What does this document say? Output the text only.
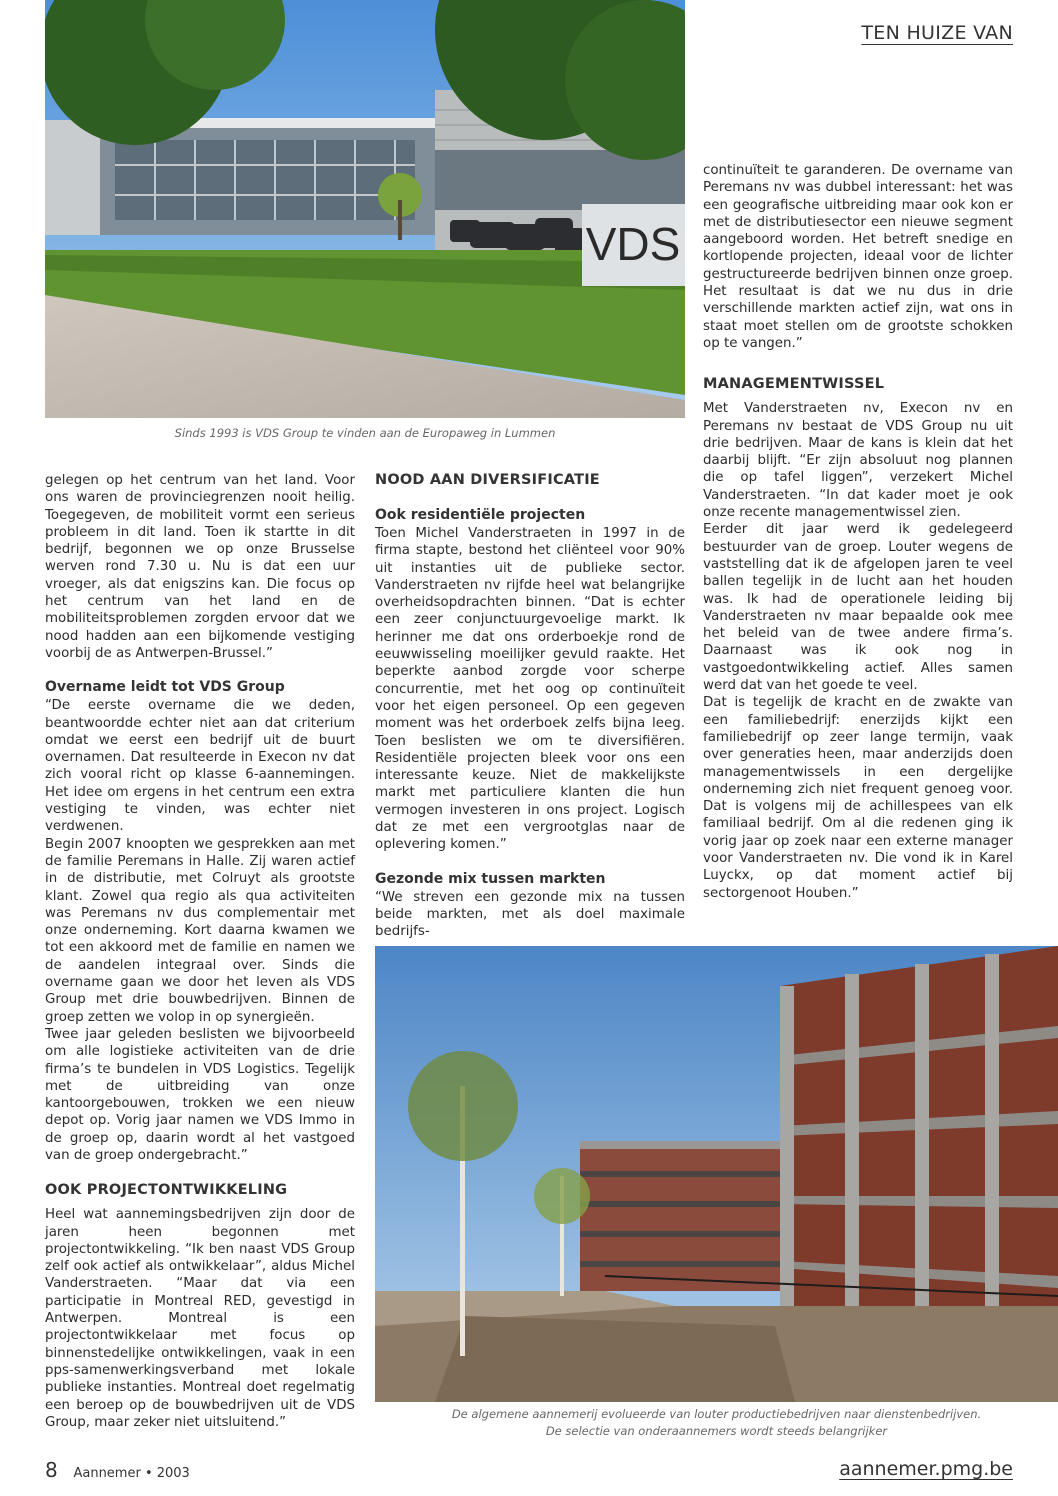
TEN HUIZE VAN
VDS
Sinds 1993 is VDS Group te vinden aan de Europaweg in Lummen

gelegen op het centrum van het land. Voor ons waren de provinciegrenzen nooit heilig. Toegegeven, de mobiliteit vormt een serieus probleem in dit land. Toen ik startte in dit bedrijf, begonnen we op onze Brusselse werven rond 7.30 u. Nu is dat een uur vroeger, als dat enigszins kan. Die focus op het centrum van het land en de mobiliteitsproblemen zorgden ervoor dat we nood hadden aan een bijkomende vestiging voorbij de as Antwerpen-Brussel.”

Overname leidt tot VDS Group

“De eerste overname die we deden, beantwoordde echter niet aan dat criterium omdat we eerst een bedrijf uit de buurt overnamen. Dat resulteerde in Execon nv dat zich vooral richt op klasse 6-aannemingen. Het idee om ergens in het centrum een extra vestiging te vinden, was echter niet verdwenen.

Begin 2007 knoopten we gesprekken aan met de familie Peremans in Halle. Zij waren actief in de distributie, met Colruyt als grootste klant. Zowel qua regio als qua activiteiten was Peremans nv dus complementair met onze onderneming. Kort daarna kwamen we tot een akkoord met de familie en namen we de aandelen integraal over. Sinds die overname gaan we door het leven als VDS Group met drie bouwbedrijven. Binnen de groep zetten we volop in op synergieën.

Twee jaar geleden beslisten we bijvoorbeeld om alle logistieke activiteiten van de drie firma’s te bundelen in VDS Logistics. Tegelijk met de uitbreiding van onze kantoorgebouwen, trokken we een nieuw depot op. Vorig jaar namen we VDS Immo in de groep op, daarin wordt al het vastgoed van de groep ondergebracht.”

OOK PROJECTONTWIKKELING

Heel wat aannemingsbedrijven zijn door de jaren heen begonnen met projectontwikkeling. “Ik ben naast VDS Group zelf ook actief als ontwikkelaar”, aldus Michel Vanderstraeten. “Maar dat via een participatie in Montreal RED, gevestigd in Antwerpen. Montreal is een projectontwikkelaar met focus op binnenstedelijke ontwikkelingen, vaak in een pps-samenwerkingsverband met lokale publieke instanties. Montreal doet regelmatig een beroep op de bouwbedrijven uit de VDS Group, maar zeker niet uitsluitend.”

NOOD AAN DIVERSIFICATIE
Ook residentiële projecten

Toen Michel Vanderstraeten in 1997 in de firma stapte, bestond het cliënteel voor 90% uit instanties uit de publieke sector. Vanderstraeten nv rijfde heel wat belangrijke overheidsopdrachten binnen. “Dat is echter een zeer conjunctuurgevoelige markt. Ik herinner me dat ons orderboekje rond de eeuwwisseling moeilijker gevuld raakte. Het beperkte aanbod zorgde voor scherpe concurrentie, met het oog op continuïteit voor het eigen personeel. Op een gegeven moment was het orderboek zelfs bijna leeg. Toen beslisten we om te diversifiëren. Residentiële projecten bleek voor ons een interessante keuze. Niet de makkelijkste markt met particuliere klanten die hun vermogen investeren in ons project. Logisch dat ze met een vergrootglas naar de oplevering komen.”

Gezonde mix tussen markten

“We streven een gezonde mix na tussen beide markten, met als doel maximale bedrijfs-

continuïteit te garanderen. De overname van Peremans nv was dubbel interessant: het was een geografische uitbreiding maar ook kon er met de distributiesector een nieuwe segment aangeboord worden. Het betreft snedige en kortlopende projecten, ideaal voor de lichter gestructureerde bedrijven binnen onze groep. Het resultaat is dat we nu dus in drie verschillende markten actief zijn, wat ons in staat moet stellen om de grootste schokken op te vangen.”

MANAGEMENTWISSEL

Met Vanderstraeten nv, Execon nv en Peremans nv bestaat de VDS Group nu uit drie bedrijven. Maar de kans is klein dat het daarbij blijft. “Er zijn absoluut nog plannen die op tafel liggen”, verzekert Michel Vanderstraeten. “In dat kader moet je ook onze recente managementwissel zien.

Eerder dit jaar werd ik gedelegeerd bestuurder van de groep. Louter wegens de vaststelling dat ik de afgelopen jaren te veel ballen tegelijk in de lucht aan het houden was. Ik had de operationele leiding bij Vanderstraeten nv maar bepaalde ook mee het beleid van de twee andere firma’s. Daarnaast was ik ook nog in vastgoedontwikkeling actief. Alles samen werd dat van het goede te veel.

Dat is tegelijk de kracht en de zwakte van een familiebedrijf: enerzijds kijkt een familiebedrijf op zeer lange termijn, vaak over generaties heen, maar anderzijds doen managementwissels in een dergelijke onderneming zich niet frequent genoeg voor. Dat is volgens mij de achillespees van elk familiaal bedrijf. Om al die redenen ging ik vorig jaar op zoek naar een externe manager voor Vanderstraeten nv. Die vond ik in Karel Luyckx, op dat moment actief bij sectorgenoot Houben.”

De algemene aannemerij evolueerde van louter productiebedrijven naar dienstenbedrijven.
De selectie van onderaannemers wordt steeds belangrijker
8 Aannemer • 2003	aannemer.pmg.be
